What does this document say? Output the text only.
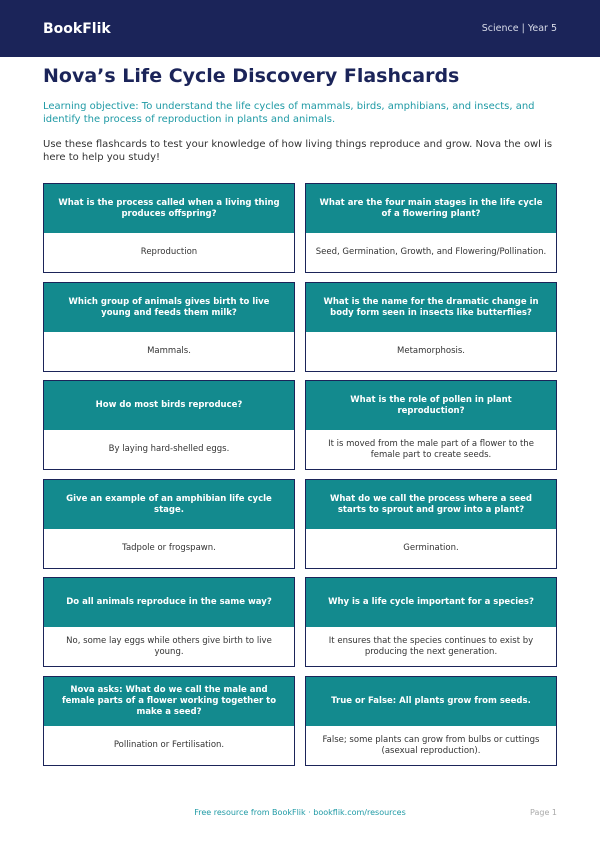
BookFlik	Science | Year 5
Nova’s Life Cycle Discovery Flashcards

Learning objective: To understand the life cycles of mammals, birds, amphibians, and insects, and identify the process of reproduction in plants and animals.

Use these flashcards to test your knowledge of how living things reproduce and grow. Nova the owl is here to help you study!

What is the process called when a living thing produces offspring?
Reproduction
What are the four main stages in the life cycle of a flowering plant?
Seed, Germination, Growth, and Flowering/Pollination.
Which group of animals gives birth to live young and feeds them milk?
Mammals.
What is the name for the dramatic change in body form seen in insects like butterflies?
Metamorphosis.
How do most birds reproduce?
By laying hard-shelled eggs.
What is the role of pollen in plant reproduction?
It is moved from the male part of a flower to the female part to create seeds.
Give an example of an amphibian life cycle stage.
Tadpole or frogspawn.
What do we call the process where a seed starts to sprout and grow into a plant?
Germination.
Do all animals reproduce in the same way?
No, some lay eggs while others give birth to live young.
Why is a life cycle important for a species?
It ensures that the species continues to exist by producing the next generation.
Nova asks: What do we call the male and female parts of a flower working together to make a seed?
Pollination or Fertilisation.
True or False: All plants grow from seeds.
False; some plants can grow from bulbs or cuttings (asexual reproduction).
Free resource from BookFlik · bookflik.com/resources	Page 1
